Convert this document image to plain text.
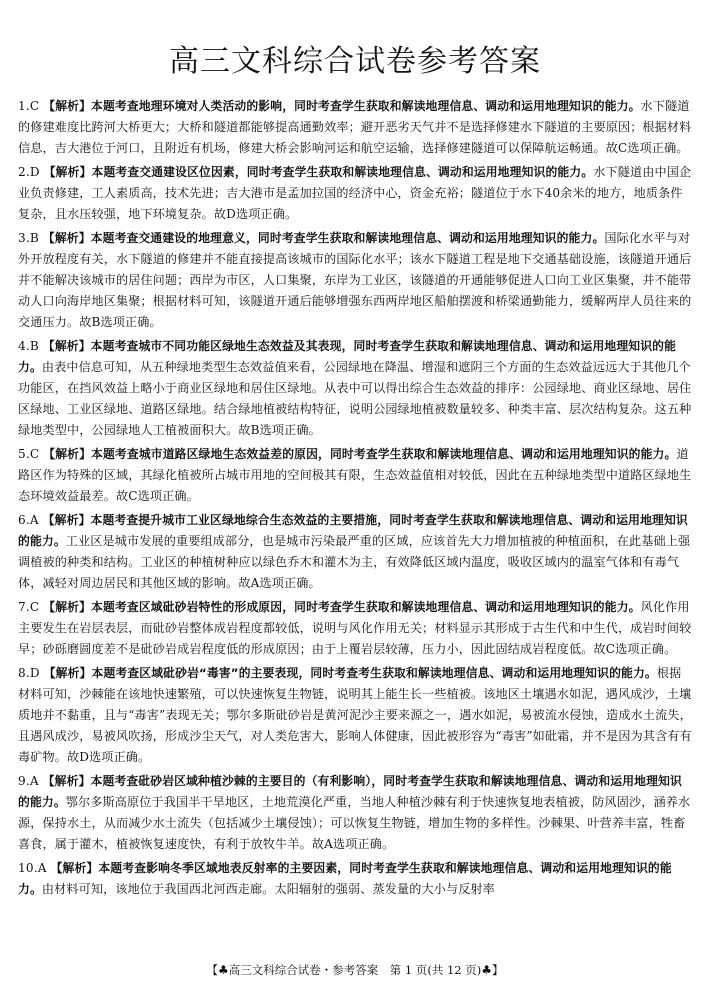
高三文科综合试卷参考答案

1.C 【解析】本题考查地理环境对人类活动的影响，同时考查学生获取和解读地理信息、调动和运用地理知识的能力。水下隧道的修建难度比跨河大桥更大；大桥和隧道都能够提高通勤效率；避开恶劣天气并不是选择修建水下隧道的主要原因；根据材料信息，吉大港位于河口，且附近有机场，修建大桥会影响河运和航空运输，选择修建隧道可以保障航运畅通。故C选项正确。

2.D 【解析】本题考查交通建设区位因素，同时考查学生获取和解读地理信息、调动和运用地理知识的能力。水下隧道由中国企业负责修建，工人素质高，技术先进；吉大港市是孟加拉国的经济中心，资金充裕；隧道位于水下40余米的地方，地质条件复杂，且水压较强，地下环境复杂。故D选项正确。

3.B 【解析】本题考查交通建设的地理意义，同时考查学生获取和解读地理信息、调动和运用地理知识的能力。国际化水平与对外开放程度有关，水下隧道的修建并不能直接提高该城市的国际化水平；该水下隧道工程是地下交通基础设施，该隧道开通后并不能解决该城市的居住问题；西岸为市区，人口集聚，东岸为工业区，该隧道的开通能够促进人口向工业区集聚，并不能带动人口向海岸地区集聚；根据材料可知，该隧道开通后能够增强东西两岸地区船舶摆渡和桥梁通勤能力，缓解两岸人员往来的交通压力。故B选项正确。

4.B 【解析】本题考查城市不同功能区绿地生态效益及其表现，同时考查学生获取和解读地理信息、调动和运用地理知识的能力。由表中信息可知，从五种绿地类型生态效益值来看，公园绿地在降温、增湿和遮阴三个方面的生态效益远远大于其他几个功能区，在挡风效益上略小于商业区绿地和居住区绿地。从表中可以得出综合生态效益的排序：公园绿地、商业区绿地、居住区绿地、工业区绿地、道路区绿地。结合绿地植被结构特征，说明公园绿地植被数量较多、种类丰富、层次结构复杂。这五种绿地类型中，公园绿地人工植被面积大。故B选项正确。

5.C 【解析】本题考查城市道路区绿地生态效益差的原因，同时考查学生获取和解读地理信息、调动和运用地理知识的能力。道路区作为特殊的区域，其绿化植被所占城市用地的空间极其有限，生态效益值相对较低，因此在五种绿地类型中道路区绿地生态环境效益最差。故C选项正确。

6.A 【解析】本题考查提升城市工业区绿地综合生态效益的主要措施，同时考查学生获取和解读地理信息、调动和运用地理知识的能力。工业区是城市发展的重要组成部分，也是城市污染最严重的区域，应该首先大力增加植被的种植面积，在此基础上强调植被的种类和结构。工业区的种植树种应以绿色乔木和灌木为主，有效降低区域内温度，吸收区域内的温室气体和有毒气体，减轻对周边居民和其他区域的影响。故A选项正确。

7.C 【解析】本题考查区域砒砂岩特性的形成原因，同时考查学生获取和解读地理信息、调动和运用地理知识的能力。风化作用主要发生在岩层表层，而砒砂岩整体成岩程度都较低，说明与风化作用无关；材料显示其形成于古生代和中生代，成岩时间较早；砂砾磨圆度差不是砒砂岩成岩程度低的形成原因；由于上覆岩层较薄，压力小，因此固结成岩程度低。故C选项正确。

8.D 【解析】本题考查区域砒砂岩“毒害”的主要表现，同时考查考生获取和解读地理信息、调动和运用地理知识的能力。根据材料可知，沙棘能在该地快速繁殖，可以快速恢复生物链，说明其上能生长一些植被。该地区土壤遇水如泥，遇风成沙，土壤质地并不黏重，且与“毒害”表现无关；鄂尔多斯砒砂岩是黄河泥沙主要来源之一，遇水如泥，易被流水侵蚀，造成水土流失，且遇风成沙，易被风吹扬，形成沙尘天气，对人类危害大，影响人体健康，因此被形容为“毒害”如砒霜，并不是因为其含有有毒矿物。故D选项正确。

9.A 【解析】本题考查砒砂岩区域种植沙棘的主要目的（有利影响），同时考查学生获取和解读地理信息、调动和运用地理知识的能力。鄂尔多斯高原位于我国半干旱地区，土地荒漠化严重，当地人种植沙棘有利于快速恢复地表植被，防风固沙，涵养水源，保持水土，从而减少水土流失（包括减少土壤侵蚀）；可以恢复生物链，增加生物的多样性。沙棘果、叶营养丰富，牲畜喜食，属于灌木，植被恢复速度快，有利于放牧牛羊。故A选项正确。

10.A 【解析】本题考查影响冬季区域地表反射率的主要因素，同时考查学生获取和解读地理信息、调动和运用地理知识的能力。由材料可知，该地位于我国西北河西走廊。太阳辐射的强弱、蒸发量的大小与反射率

【♣高三文科综合试卷・参考答案　第 1 页(共 12 页)♣】
